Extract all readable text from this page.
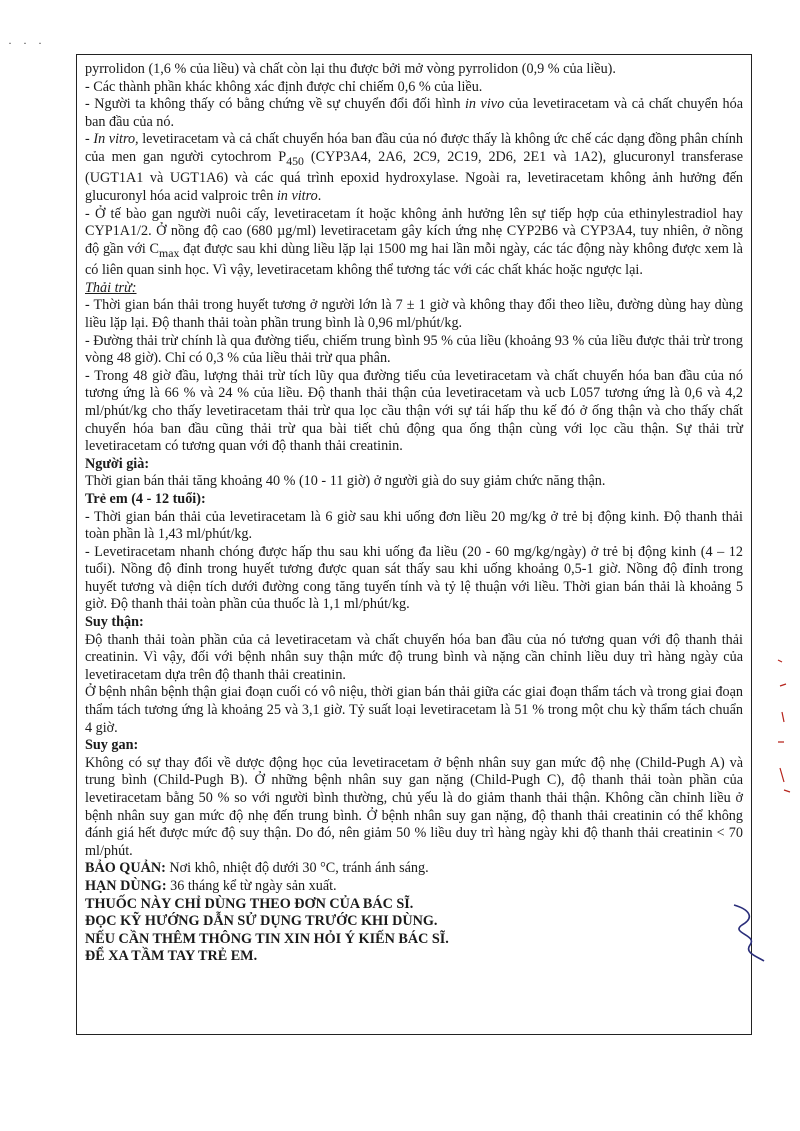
· · ·

pyrrolidon (1,6 % của liều) và chất còn lại thu được bởi mở vòng pyrrolidon (0,9 % của liều).

- Các thành phần khác không xác định được chỉ chiếm 0,6 % của liều.

- Người ta không thấy có bằng chứng về sự chuyển đổi đối hình in vivo của levetiracetam và cả chất chuyển hóa ban đầu của nó.

- In vitro, levetiracetam và cả chất chuyển hóa ban đầu của nó được thấy là không ức chế các dạng đồng phân chính của men gan người cytochrom $P_{450}$ (CYP3A4, 2A6, 2C9, 2C19, 2D6, 2E1 và 1A2), glucuronyl transferase (UGT1A1 và UGT1A6) và các quá trình epoxid hydroxylase. Ngoài ra, levetiracetam không ảnh hưởng đến glucuronyl hóa acid valproic trên in vitro.

- Ở tế bào gan người nuôi cấy, levetiracetam ít hoặc không ảnh hưởng lên sự tiếp hợp của ethinylestradiol hay CYP1A1/2. Ở nồng độ cao (680 µg/ml) levetiracetam gây kích ứng nhẹ CYP2B6 và CYP3A4, tuy nhiên, ở nồng độ gần với $C_{max}$ đạt được sau khi dùng liều lặp lại 1500 mg hai lần mỗi ngày, các tác động này không được xem là có liên quan sinh học. Vì vậy, levetiracetam không thể tương tác với các chất khác hoặc ngược lại.

Thải trừ:

- Thời gian bán thải trong huyết tương ở người lớn là 7 ± 1 giờ và không thay đổi theo liều, đường dùng hay dùng liều lặp lại. Độ thanh thải toàn phần trung bình là 0,96 ml/phút/kg.

- Đường thải trừ chính là qua đường tiểu, chiếm trung bình 95 % của liều (khoảng 93 % của liều được thải trừ trong vòng 48 giờ). Chỉ có 0,3 % của liều thải trừ qua phân.

- Trong 48 giờ đầu, lượng thải trừ tích lũy qua đường tiểu của levetiracetam và chất chuyển hóa ban đầu của nó tương ứng là 66 % và 24 % của liều. Độ thanh thải thận của levetiracetam và ucb L057 tương ứng là 0,6 và 4,2 ml/phút/kg cho thấy levetiracetam thải trừ qua lọc cầu thận với sự tái hấp thu kế đó ở ống thận và cho thấy chất chuyển hóa ban đầu cũng thải trừ qua bài tiết chủ động qua ống thận cùng với lọc cầu thận. Sự thải trừ levetiracetam có tương quan với độ thanh thải creatinin.

Người già:

Thời gian bán thải tăng khoảng 40 % (10 - 11 giờ) ở người già do suy giảm chức năng thận.

Trẻ em (4 - 12 tuổi):

- Thời gian bán thải của levetiracetam là 6 giờ sau khi uống đơn liều 20 mg/kg ở trẻ bị động kinh. Độ thanh thải toàn phần là 1,43 ml/phút/kg.

- Levetiracetam nhanh chóng được hấp thu sau khi uống đa liều (20 - 60 mg/kg/ngày) ở trẻ bị động kinh (4 – 12 tuổi). Nồng độ đỉnh trong huyết tương được quan sát thấy sau khi uống khoảng 0,5-1 giờ. Nồng độ đỉnh trong huyết tương và diện tích dưới đường cong tăng tuyến tính và tỷ lệ thuận với liều. Thời gian bán thải là khoảng 5 giờ. Độ thanh thải toàn phần của thuốc là 1,1 ml/phút/kg.

Suy thận:

Độ thanh thải toàn phần của cả levetiracetam và chất chuyển hóa ban đầu của nó tương quan với độ thanh thải creatinin. Vì vậy, đối với bệnh nhân suy thận mức độ trung bình và nặng cần chỉnh liều duy trì hàng ngày của levetiracetam dựa trên độ thanh thải creatinin.

Ở bệnh nhân bệnh thận giai đoạn cuối có vô niệu, thời gian bán thải giữa các giai đoạn thẩm tách và trong giai đoạn thẩm tách tương ứng là khoảng 25 và 3,1 giờ. Tỷ suất loại levetiracetam là 51 % trong một chu kỳ thẩm tách chuẩn 4 giờ.

Suy gan:

Không có sự thay đổi về dược động học của levetiracetam ở bệnh nhân suy gan mức độ nhẹ (Child-Pugh A) và trung bình (Child-Pugh B). Ở những bệnh nhân suy gan nặng (Child-Pugh C), độ thanh thải toàn phần của levetiracetam bằng 50 % so với người bình thường, chủ yếu là do giảm thanh thải thận. Không cần chỉnh liều ở bệnh nhân suy gan mức độ nhẹ đến trung bình. Ở bệnh nhân suy gan nặng, độ thanh thải creatinin có thể không đánh giá hết được mức độ suy thận. Do đó, nên giảm 50 % liều duy trì hàng ngày khi độ thanh thải creatinin < 70 ml/phút.

BẢO QUẢN: Nơi khô, nhiệt độ dưới 30 °C, tránh ánh sáng.

HẠN DÙNG: 36 tháng kể từ ngày sản xuất.

THUỐC NÀY CHỈ DÙNG THEO ĐƠN CỦA BÁC SĨ.

ĐỌC KỸ HƯỚNG DẪN SỬ DỤNG TRƯỚC KHI DÙNG.

NẾU CẦN THÊM THÔNG TIN XIN HỎI Ý KIẾN BÁC SĨ.

ĐỂ XA TẦM TAY TRẺ EM.
